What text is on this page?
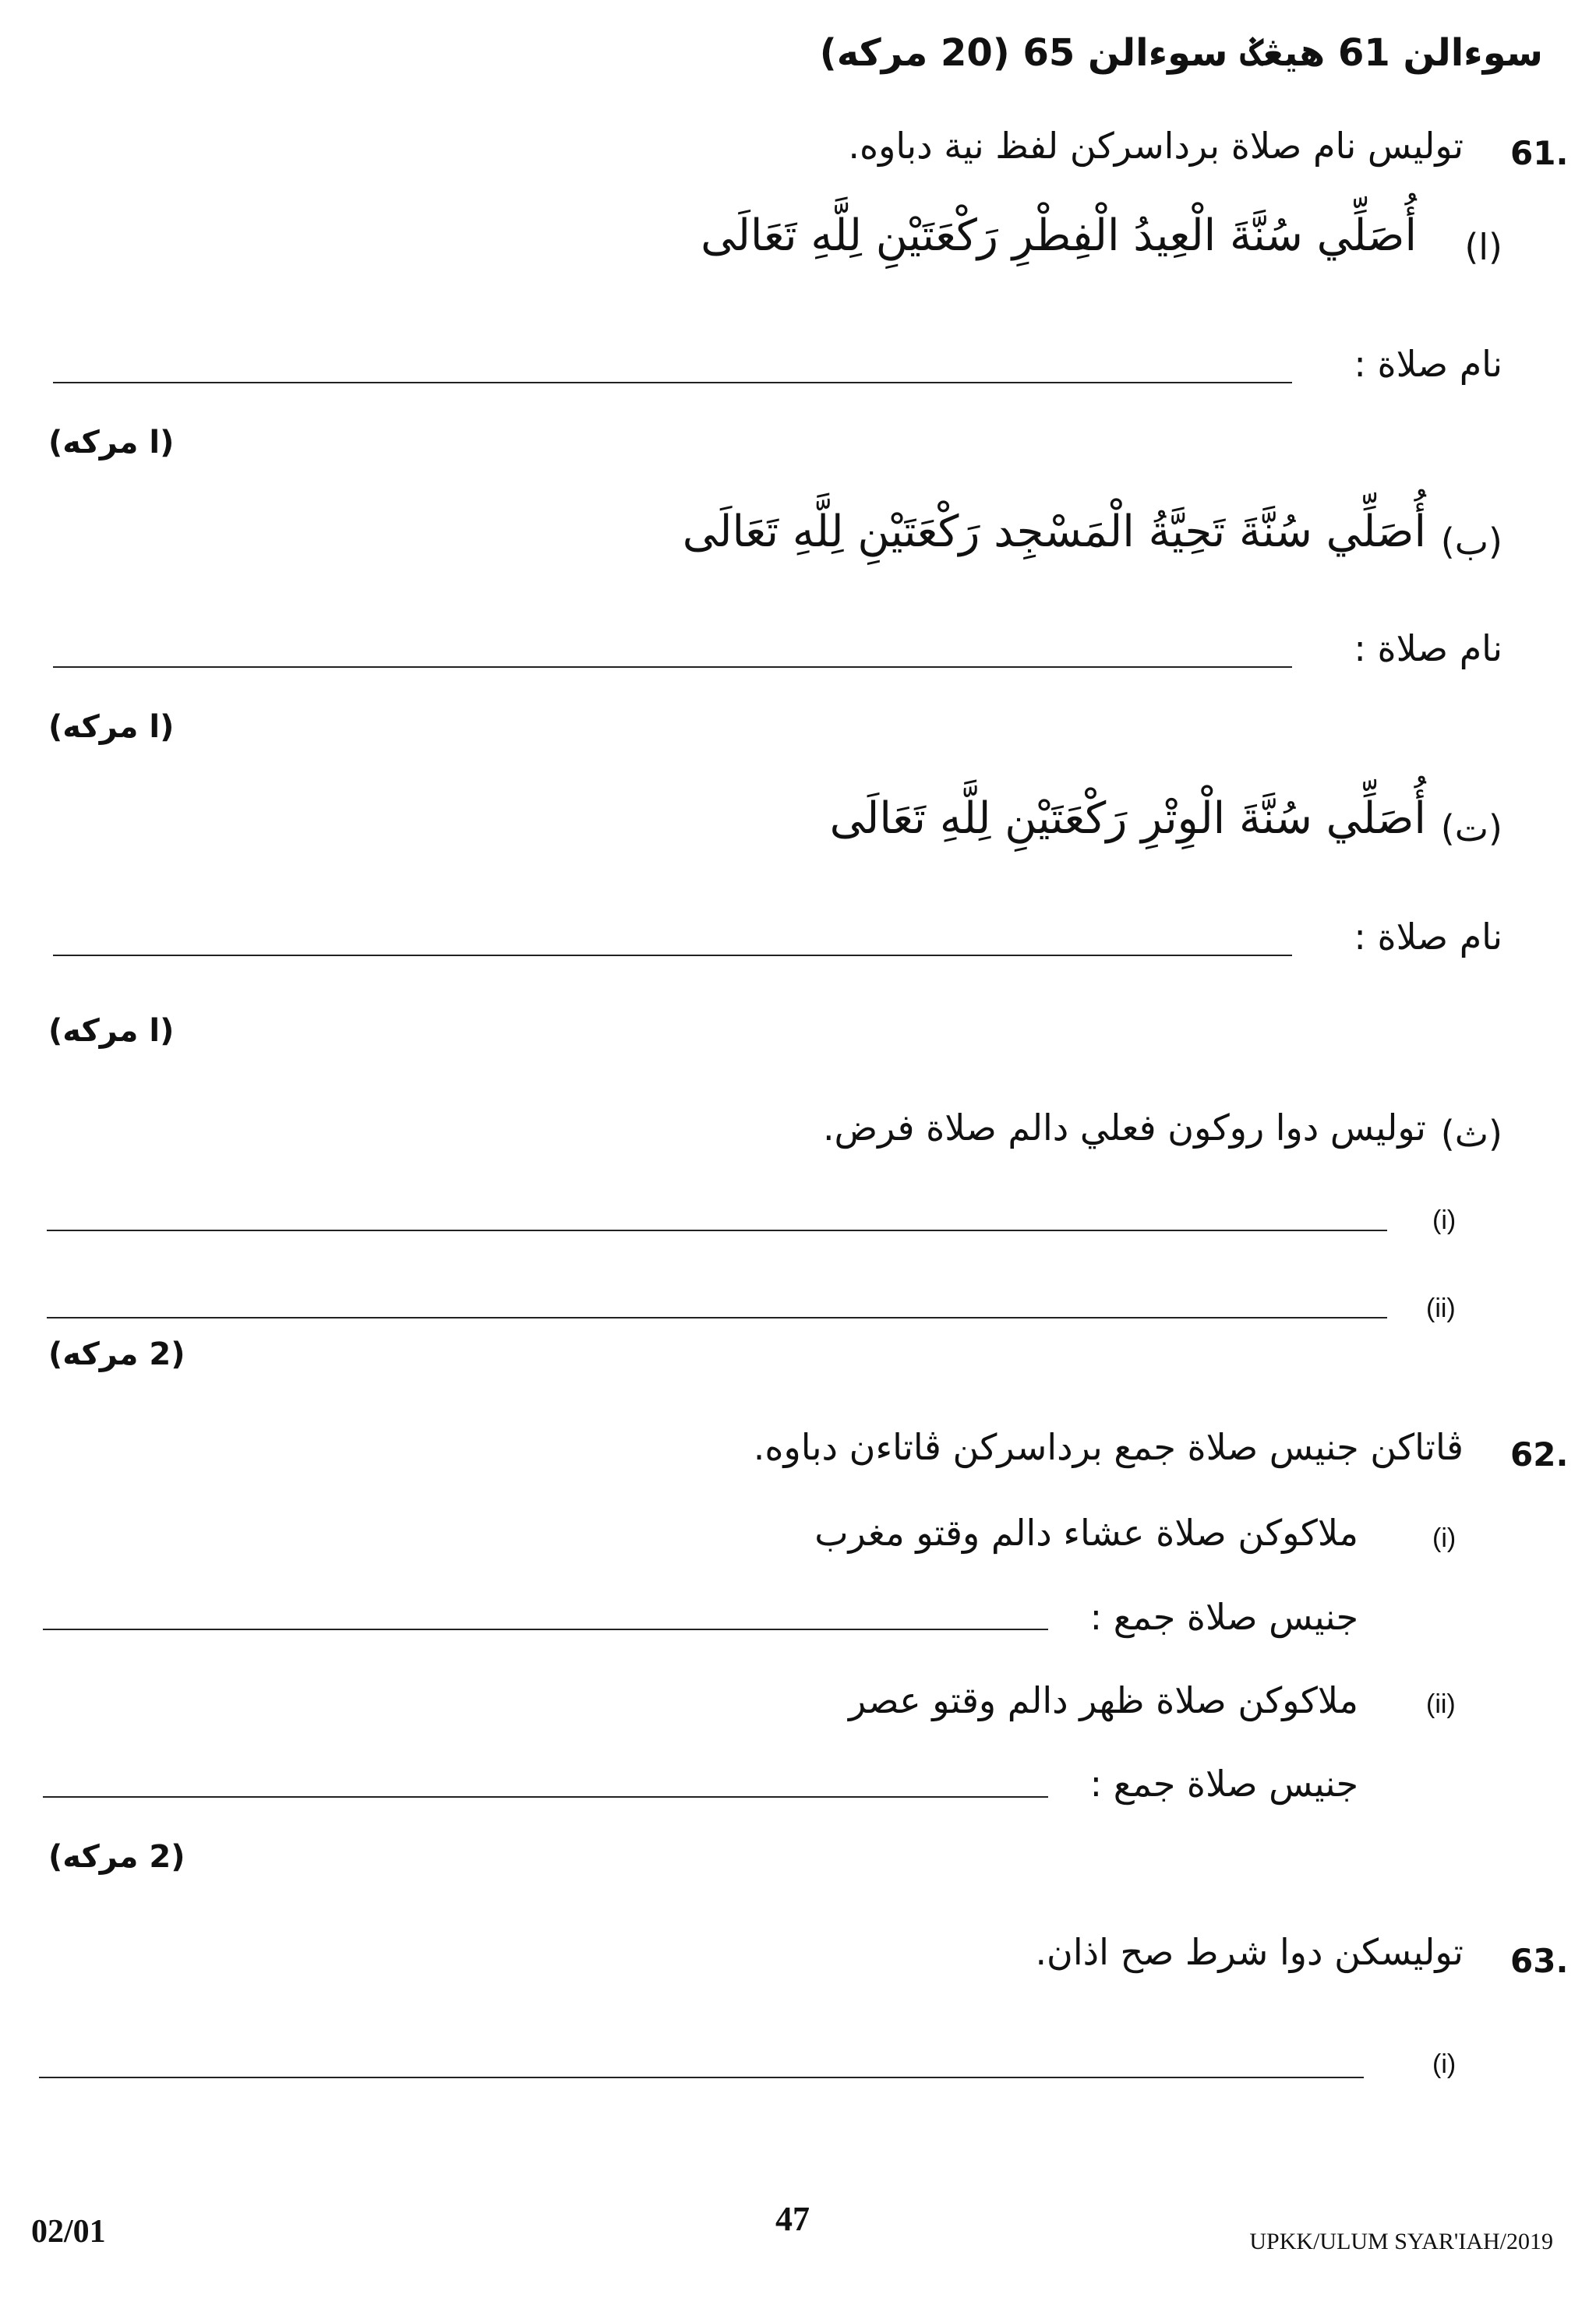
سوءالن 61 هيڠݢ سوءالن 65 (20 مركه)
61.
توليس نام صلاة برداسركن لفظ نية دباوه.
(ا)
أُصَلِّي سُنَّةَ الْعِيدُ الْفِطْرِ رَكْعَتَيْنِ لِلَّهِ تَعَالَى
نام صلاة :
(ا مركه)
(ب)
أُصَلِّي سُنَّةَ تَحِيَّةُ الْمَسْجِد رَكْعَتَيْنِ لِلَّهِ تَعَالَى
نام صلاة :
(ا مركه)
(ت)
أُصَلِّي سُنَّةَ الْوِتْرِ رَكْعَتَيْنِ لِلَّهِ تَعَالَى
نام صلاة :
(ا مركه)
(ث)
توليس دوا روكون فعلي دالم صلاة فرض.
(i)
(ii)
(2 مركه)
62.
ڤاتاكن جنيس صلاة جمع برداسركن ڤاتاءن دباوه.
(i)
ملاكوكن صلاة عشاء دالم وقتو مغرب
جنيس صلاة جمع :
(ii)
ملاكوكن صلاة ظهر دالم وقتو عصر
جنيس صلاة جمع :
(2 مركه)
63.
توليسكن دوا شرط صح اذان.
(i)
02/01	47
UPKK/ULUM SYAR'IAH/2019
